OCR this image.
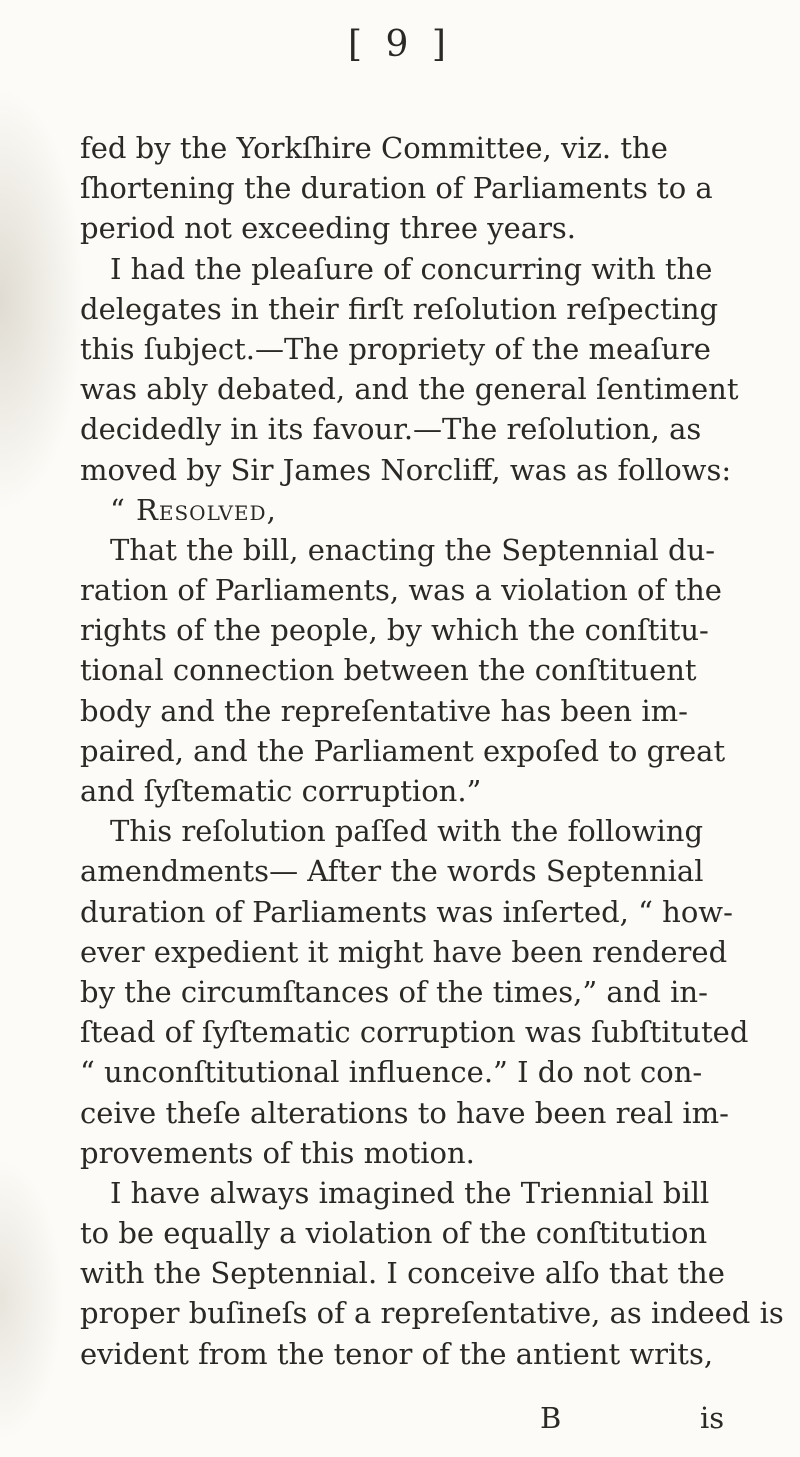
[ 9 ]
fed by the Yorkſhire Committee, viz. the
ſhortening the duration of Parliaments to a
period not exceeding three years.
I had the pleaſure of concurring with the
delegates in their firſt reſolution reſpecting
this ſubject.—The propriety of the meaſure
was ably debated, and the general ſentiment
decidedly in its favour.—The reſolution, as
moved by Sir James Norcliff, was as follows:
“ Resolved,
That the bill, enacting the Septennial du-
ration of Parliaments, was a violation of the
rights of the people, by which the conſtitu-
tional connection between the conſtituent
body and the repreſentative has been im-
paired, and the Parliament expoſed to great
and ſyſtematic corruption.”
This reſolution paſſed with the following
amendments— After the words Septennial
duration of Parliaments was inſerted, “ how-
ever expedient it might have been rendered
by the circumſtances of the times,” and in-
ſtead of ſyſtematic corruption was ſubſtituted
“ unconſtitutional influence.” I do not con-
ceive theſe alterations to have been real im-
provements of this motion.
I have always imagined the Triennial bill
to be equally a violation of the conſtitution
with the Septennial. I conceive alſo that the
proper buſineſs of a repreſentative, as indeed is
evident from the tenor of the antient writs,
B	is
